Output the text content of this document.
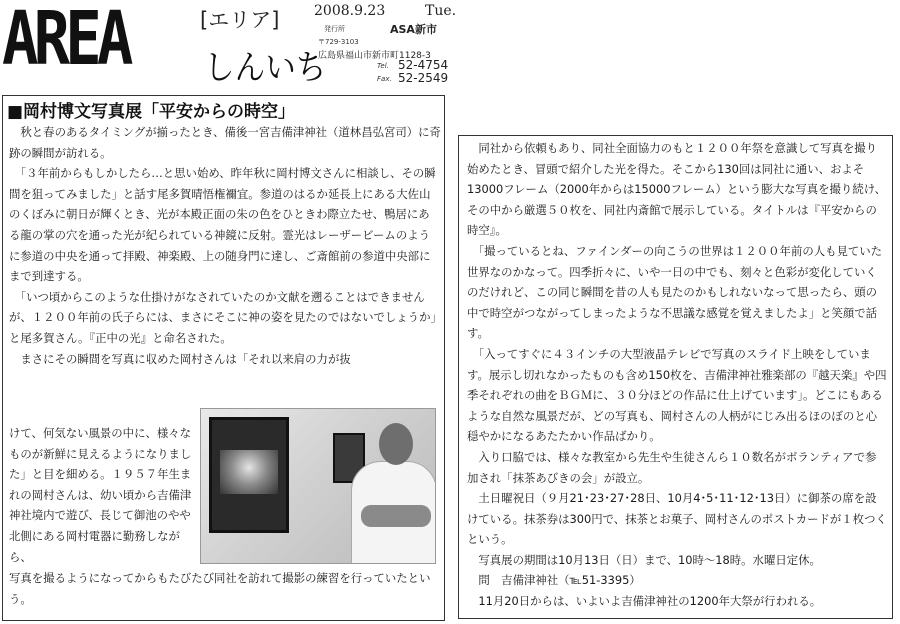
AREA	[エリア]
しんいち
2008.9.23	Tue.
発行所	ASA新市
〒729-3103
広島県福山市新市町1128-3
Tel. 52-4754
Fax. 52-2549
■岡村博文写真展「平安からの時空」

　秋と春のあるタイミングが揃ったとき、備後一宮吉備津神社（道林昌弘宮司）に奇跡の瞬間が訪れる。

　「３年前からもしかしたら…と思い始め、昨年秋に岡村博文さんに相談し、その瞬間を狙ってみました」と話す尾多賀晴悟権禰宜。参道のはるか延長上にある大佐山のくぼみに朝日が輝くとき、光が本殿正面の朱の色をひときわ際立たせ、鴨居にある龍の掌の穴を通った光が紀られている神鏡に反射。霊光はレーザービームのように参道の中央を通って拝殿、神楽殿、上の随身門に達し、ご斎館前の参道中央部にまで到達する。

　「いつ頃からこのような仕掛けがなされていたのか文献を遡ることはできませんが、１２００年前の氏子らには、まさにそこに神の姿を見たのではないでしょうか」と尾多賀さん。『正中の光』と命名された。

　まさにその瞬間を写真に収めた岡村さんは「それ以来肩の力が抜

けて、何気ない風景の中に、様々なものが新鮮に見えるようになりました」と目を細める。１９５７年生まれの岡村さんは、幼い頃から吉備津神社境内で遊び、長じて御池のやや北側にある岡村電器に勤務しながら、

写真を撮るようになってからもたびたび同社を訪れて撮影の練習を行っていたという。

　同社から依頼もあり、同社全面協力のもと１２００年祭を意識して写真を撮り始めたとき、冒頭で紹介した光を得た。そこから130回は同社に通い、およそ13000フレーム（2000年からは15000フレーム）という膨大な写真を撮り続け、その中から厳選５０枚を、同社内斎館で展示している。タイトルは『平安からの時空』。

　「撮っているとね、ファインダーの向こうの世界は１２００年前の人も見ていた世界なのかなって。四季折々に、いや一日の中でも、刻々と色彩が変化していくのだけれど、この同じ瞬間を昔の人も見たのかもしれないなって思ったら、頭の中で時空がつながってしまったような不思議な感覚を覚えましたよ」と笑顔で話す。

　「入ってすぐに４３インチの大型液晶テレビで写真のスライド上映をしています。展示し切れなかったものも含め150枚を、吉備津神社雅楽部の『越天楽』や四季それぞれの曲をＢＧＭに、３０分ほどの作品に仕上げています」。どこにもあるような自然な風景だが、どの写真も、岡村さんの人柄がにじみ出るほのぼのと心穏やかになるあたたかい作品ばかり。

　入り口脇では、様々な教室から先生や生徒さんら１０数名がボランティアで参加され「抹茶あびきの会」が設立。

　土日曜祝日（９月21･23･27･28日、10月4･5･11･12･13日）に御茶の席を設けている。抹茶券は300円で、抹茶とお菓子、岡村さんのポストカードが１枚つくという。

　写真展の期間は10月13日（日）まで、10時〜18時。水曜日定休。

　問　吉備津神社（℡51-3395）

　11月20日からは、いよいよ吉備津神社の1200年大祭が行われる。
